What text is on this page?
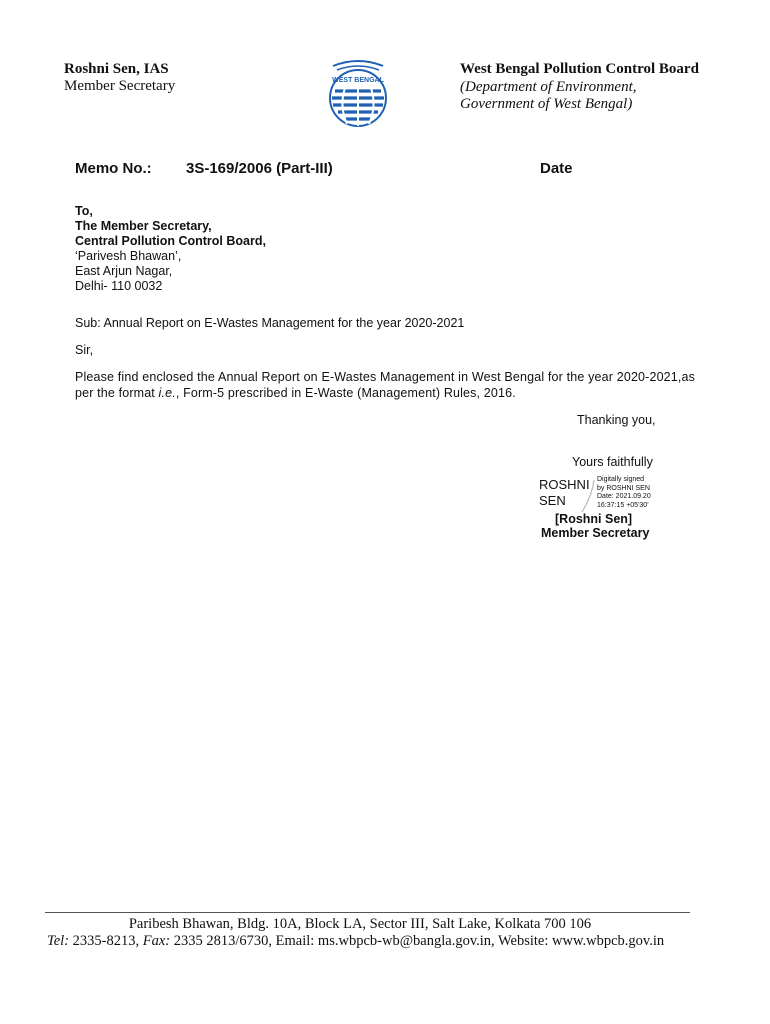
Roshni Sen, IAS
Member Secretary	WEST BENGAL
West Bengal Pollution Control Board
(Department of Environment,
Government of West Bengal)
Memo No.: 3S-169/2006 (Part-III)	Date
To,
The Member Secretary,
Central Pollution Control Board,
‘Parivesh Bhawan’,
East Arjun Nagar,
Delhi- 110 0032
Sub: Annual Report on E-Wastes Management for the year 2020-2021
Sir,
Please find enclosed the Annual Report on E-Wastes Management in West Bengal for the year 2020-2021,as per the format i.e., Form-5 prescribed in E-Waste (Management) Rules, 2016.
Thanking you,
Yours faithfully
ROSHNI
SEN
Digitally signed
by ROSHNI SEN
Date: 2021.09.20
16:37:15 +05'30'
[Roshni Sen]
Member Secretary
Paribesh Bhawan, Bldg. 10A, Block LA, Sector III, Salt Lake, Kolkata 700 106
Tel: 2335-8213, Fax: 2335 2813/6730, Email: ms.wbpcb-wb@bangla.gov.in, Website: www.wbpcb.gov.in
